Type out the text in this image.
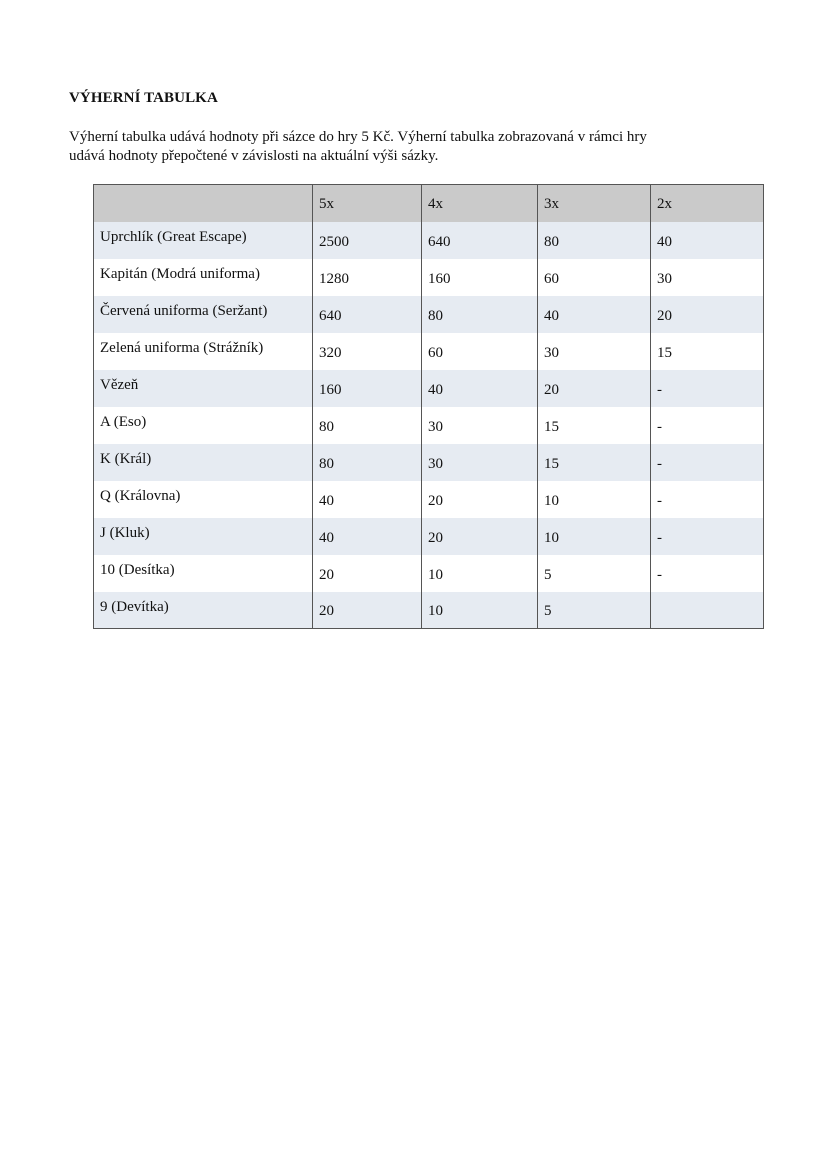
VÝHERNÍ TABULKA
Výherní tabulka udává hodnoty při sázce do hry 5 Kč. Výherní tabulka zobrazovaná v rámci hry
udává hodnoty přepočtené v závislosti na aktuální výši sázky.
	5x	4x	3x	2x
Uprchlík (Great Escape)	2500	640	80	40
Kapitán (Modrá uniforma)	1280	160	60	30
Červená uniforma (Seržant)	640	80	40	20
Zelená uniforma (Strážník)	320	60	30	15
Vězeň	160	40	20	-
A (Eso)	80	30	15	-
K (Král)	80	30	15	-
Q (Královna)	40	20	10	-
J (Kluk)	40	20	10	-
10 (Desítka)	20	10	5	-
9 (Devítka)	20	10	5	
